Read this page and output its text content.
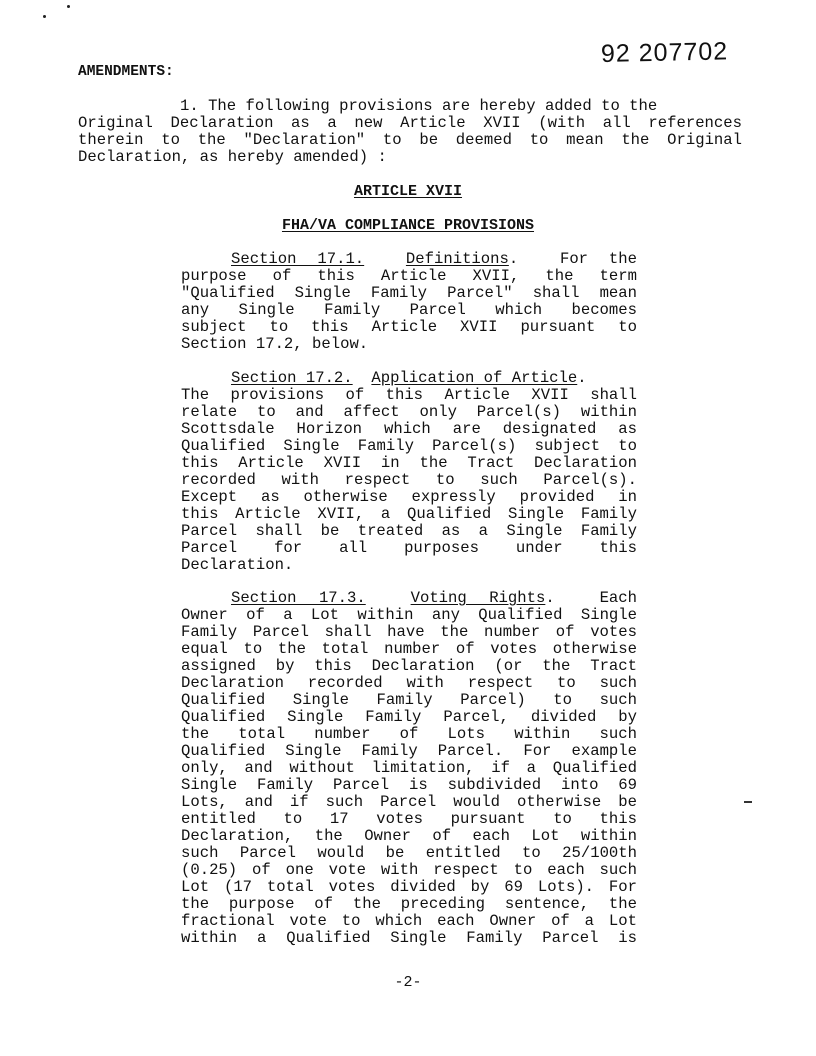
92 207702
AMENDMENTS:
1. The following provisions are hereby added to the
Original Declaration as a new Article XVII (with all references
therein to the "Declaration" to be deemed to mean the Original
Declaration, as hereby amended) :
ARTICLE XVII
FHA/VA COMPLIANCE PROVISIONS
Section 17.1.	Definitions.  For the
purpose of this Article XVII, the term
"Qualified Single Family Parcel" shall mean
any Single Family Parcel which becomes
subject to this Article XVII pursuant to
Section 17.2, below.
Section 17.2. Application of Article.
The provisions of this Article XVII shall
relate to and affect only Parcel(s) within
Scottsdale Horizon which are designated as
Qualified Single Family Parcel(s) subject to
this Article XVII in the Tract Declaration
recorded with respect to such Parcel(s).
Except as otherwise expressly provided in
this Article XVII, a Qualified Single Family
Parcel shall be treated as a Single Family
Parcel for all purposes under this
Declaration.
Section 17.3.	Voting Rights.  Each
Owner of a Lot within any Qualified Single
Family Parcel shall have the number of votes
equal to the total number of votes otherwise
assigned by this Declaration (or the Tract
Declaration recorded with respect to such
Qualified Single Family Parcel) to such
Qualified Single Family Parcel, divided by
the total number of Lots within such
Qualified Single Family Parcel. For example
only, and without limitation, if a Qualified
Single Family Parcel is subdivided into 69
Lots, and if such Parcel would otherwise be
entitled to 17 votes pursuant to this
Declaration, the Owner of each Lot within
such Parcel would be entitled to 25/100th
(0.25) of one vote with respect to each such
Lot (17 total votes divided by 69 Lots). For
the purpose of the preceding sentence, the
fractional vote to which each Owner of a Lot
within a Qualified Single Family Parcel is
-2-
